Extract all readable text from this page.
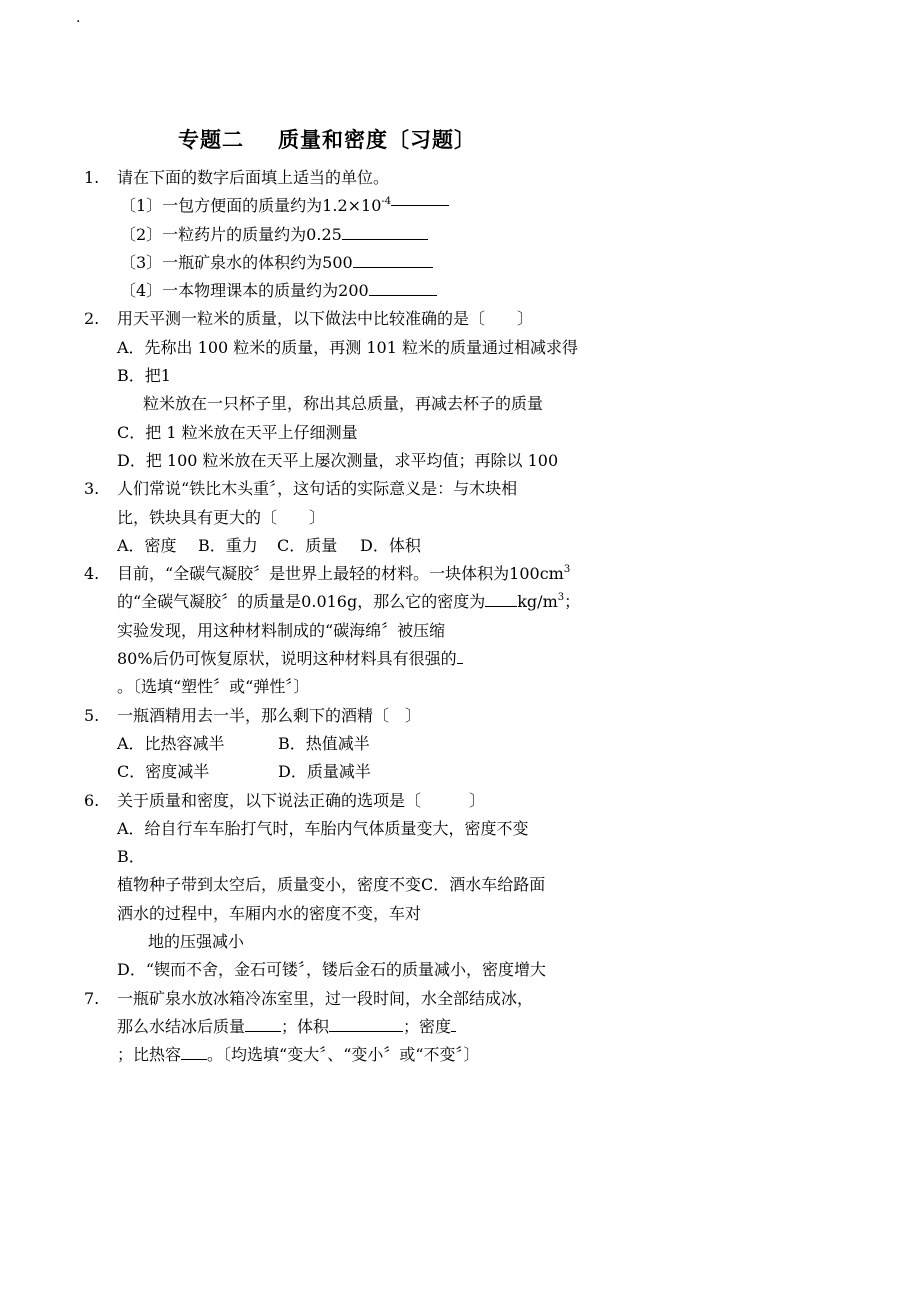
.
专题二 质量和密度〔习题〕
1. 请在下面的数字后面填上适当的单位。
〔1〕一包方便面的质量约为$1.2\times 10^{-4}$
〔2〕一粒药片的质量约为0.25
〔3〕一瓶矿泉水的体积约为500
〔4〕一本物理课本的质量约为200
2. 用天平测一粒米的质量，以下做法中比较准确的是〔　　〕
A．先称出 100 粒米的质量，再测 101 粒米的质量通过相减求得
B．把1
粒米放在一只杯子里，称出其总质量，再减去杯子的质量
C．把 1 粒米放在天平上仔细测量
D．把 100 粒米放在天平上屡次测量，求平均值；再除以 100
3. 人们常说“铁比木头重〞，这句话的实际意义是：与木块相
比，铁块具有更大的〔　　〕
A．密度 B．重力 C．质量 D．体积
4. 目前，“全碳气凝胶〞是世界上最轻的材料。一块体积为$100cm^3$
的“全碳气凝胶〞的质量是0.016g，那么它的密度为 $kg/m^3$；
实验发现，用这种材料制成的“碳海绵〞被压缩
80%后仍可恢复原状，说明这种材料具有很强的
。〔选填“塑性〞或“弹性〞〕
5. 一瓶酒精用去一半，那么剩下的酒精〔　〕
A．比热容减半	B．热值减半
C．密度减半	D．质量减半
6. 关于质量和密度，以下说法正确的选项是〔　　　〕
A．给自行车车胎打气时，车胎内气体质量变大，密度不变
B．
植物种子带到太空后，质量变小，密度不变C．酒水车给路面
洒水的过程中，车厢内水的密度不变，车对
地的压强减小
D．“锲而不舍，金石可镂〞，镂后金石的质量减小，密度增大
7. 一瓶矿泉水放冰箱冷冻室里，过一段时间，水全部结成冰，
那么水结冰后质量 ；体积	；密度
；比热容 。〔均选填“变大〞、“变小〞或“不变〞〕
